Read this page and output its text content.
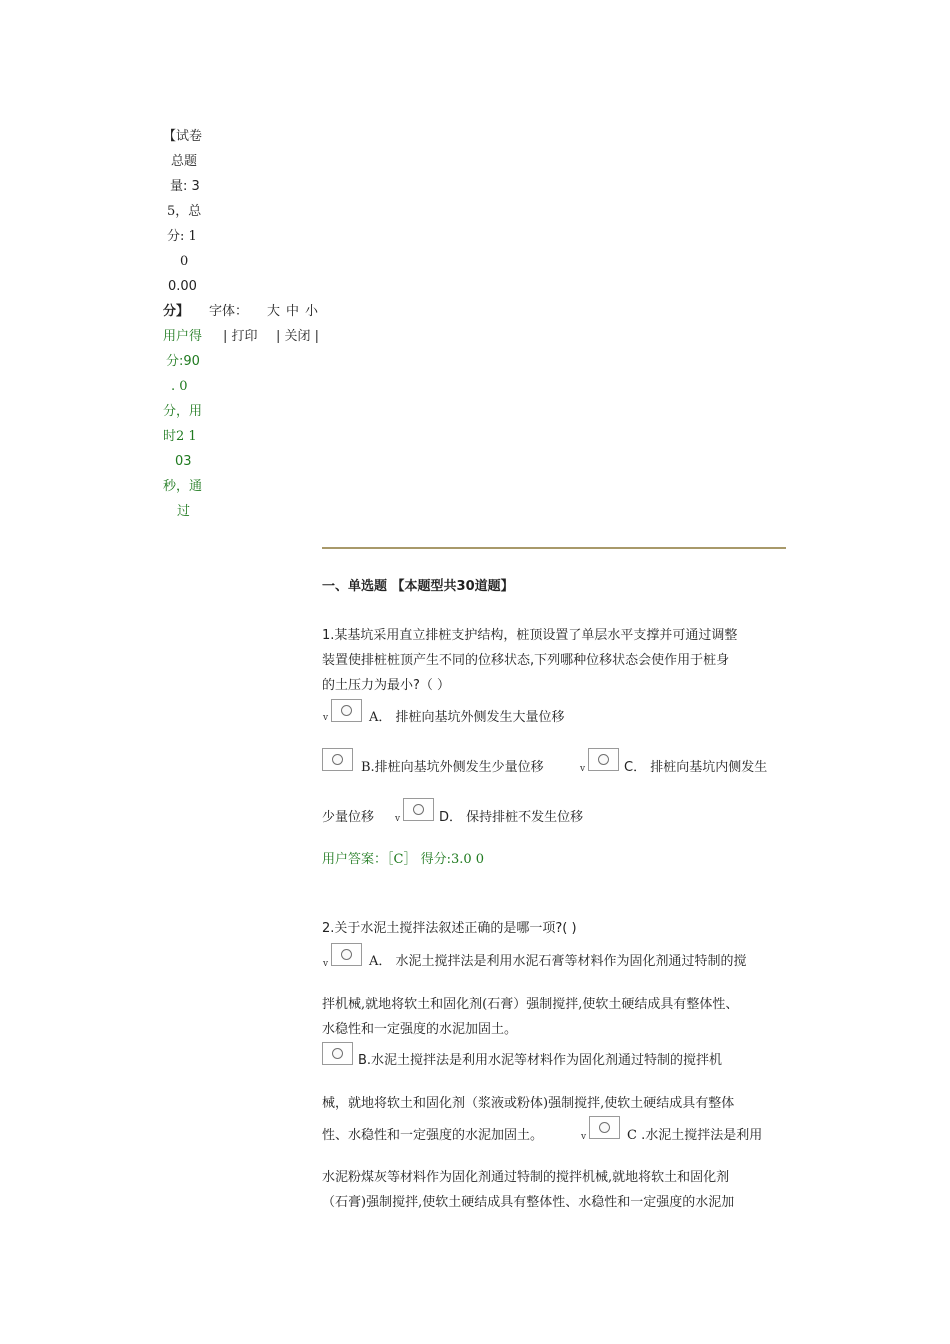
【试卷
总题
量: 3
5，总
分: 1
0
0.00
分】 字体： 大 中 小
| 打印 | 关闭 |
用户得
分:90
. 0
分，用
时2 1
03
秒，通
过
一、单选题 【本题型共30道题】
1.某基坑采用直立排桩支护结构，桩顶设置了单层水平支撑并可通过调整
装置使排桩桩顶产生不同的位移状态,下列哪种位移状态会使作用于桩身
的土压力为最小?（ ）
ᴠ	A． 排桩向基坑外侧发生大量位移
B.排桩向基坑外侧发生少量位移	ᴠ	C． 排桩向基坑内侧发生
少量位移 ᴠ	D． 保持排桩不发生位移
用户答案：［C］ 得分:3.0 0
2.关于水泥土搅拌法叙述正确的是哪一项?( )
ᴠ	A． 水泥土搅拌法是利用水泥石膏等材料作为固化剂通过特制的搅
拌机械,就地将软土和固化剂(石膏）强制搅拌,使软土硬结成具有整体性、
水稳性和一定强度的水泥加固土。
B.水泥土搅拌法是利用水泥等材料作为固化剂通过特制的搅拌机
械，就地将软土和固化剂（浆液或粉体)强制搅拌,使软土硬结成具有整体
性、水稳性和一定强度的水泥加固土。	ᴠ	C .水泥土搅拌法是利用
水泥粉煤灰等材料作为固化剂通过特制的搅拌机械,就地将软土和固化剂
（石膏)强制搅拌,使软土硬结成具有整体性、水稳性和一定强度的水泥加
